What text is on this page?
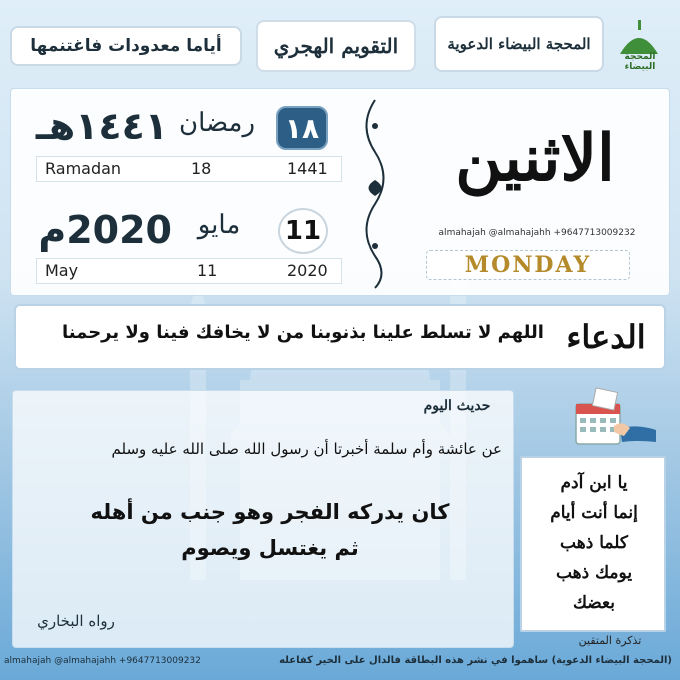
أياما معدودات فاغتنمها	التقويم الهجري	المحجة البيضاء الدعوية
المحجة البيضاء
١٤٤١هـ رمضان ١٨
Ramadan	18	1441
2020م مايو	11
May	11	2020
الاثنين
almahajah @almahajahh +9647713009232
MONDAY
الدعاء
اللهم لا تسلط علينا بذنوبنا من لا يخافك فينا ولا يرحمنا
حديث اليوم
عن عائشة وأم سلمة أخبرتا أن رسول الله صلى الله عليه وسلم
كان يدركه الفجر وهو جنب من أهله
ثم يغتسل ويصوم
رواه البخاري
يا ابن آدم
إنما أنت أيام
كلما ذهب
يومك ذهب
بعضك
تذكرة المتقين
almahajah @almahajahh +9647713009232	(المحجة البيضاء الدعوية) ساهموا في نشر هذه البطاقة فالدال على الخير كفاعله
